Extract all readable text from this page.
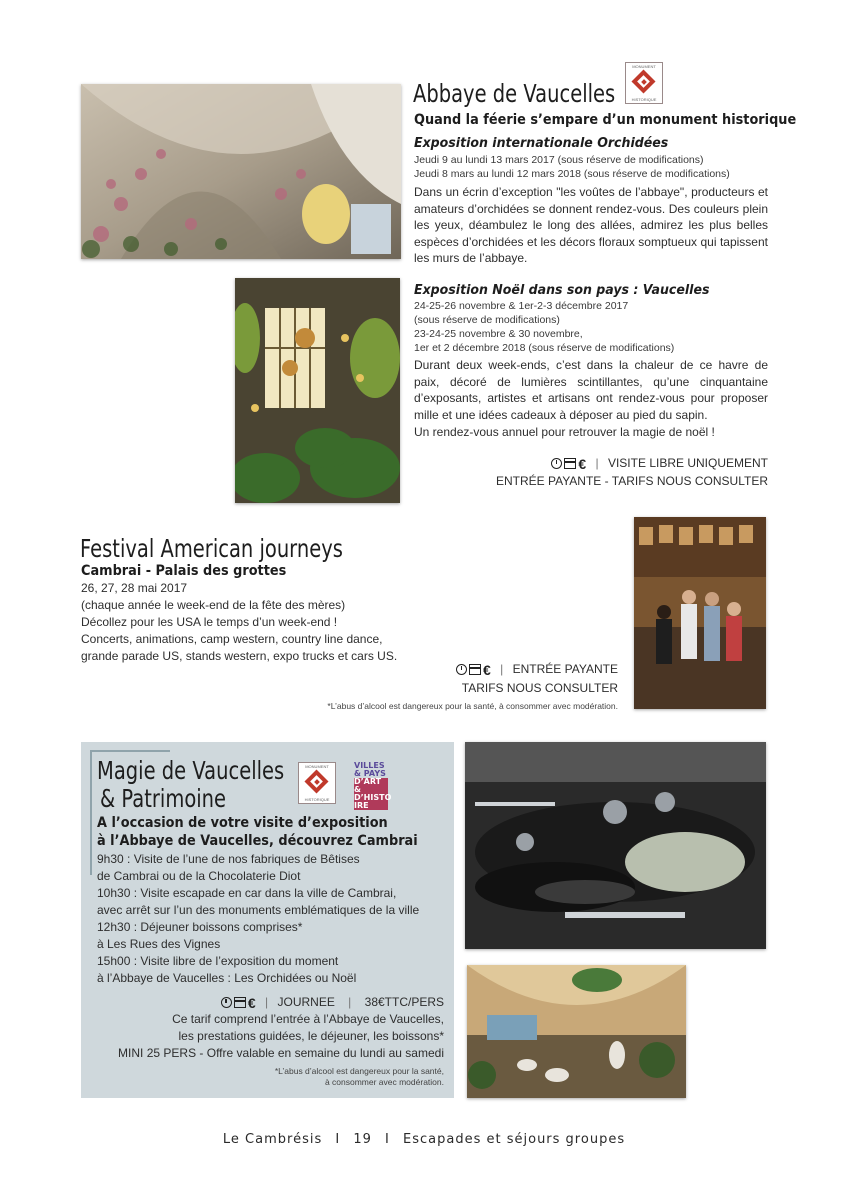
Abbaye de Vaucelles
MONUMENT
HISTORIQUE
Quand la féerie s’empare d’un monument historique
Exposition internationale Orchidées
Jeudi 9 au lundi 13 mars 2017 (sous réserve de modifications)
Jeudi 8 mars au lundi 12 mars 2018 (sous réserve de modifications)
Dans un écrin d’exception "les voûtes de l’abbaye", producteurs et amateurs d’orchidées se donnent rendez-vous. Des couleurs plein les yeux, déambulez le long des allées, admirez les plus belles espèces d’orchidées et les décors floraux somptueux qui tapissent les murs de l’abbaye.
Exposition Noël dans son pays : Vaucelles
24-25-26 novembre & 1er-2-3 décembre 2017
(sous réserve de modifications)
23-24-25 novembre & 30 novembre,
1er et 2 décembre 2018 (sous réserve de modifications)
Durant deux week-ends, c’est dans la chaleur de ce havre de paix, décoré de lumières scintillantes, qu’une cinquantaine d’exposants, artistes et artisans ont rendez-vous pour proposer mille et une idées cadeaux à déposer au pied du sapin.
Un rendez-vous annuel pour retrouver la magie de noël !
€ | VISITE LIBRE UNIQUEMENT
ENTRÉE PAYANTE - TARIFS NOUS CONSULTER
Festival American journeys
Cambrai - Palais des grottes
26, 27, 28 mai 2017
(chaque année le week-end de la fête des mères)
Décollez pour les USA le temps d’un week-end !
Concerts, animations, camp western, country line dance,
grande parade US, stands western, expo trucks et cars US.
€ | ENTRÉE PAYANTE
TARIFS NOUS CONSULTER
*L’abus d’alcool est dangereux pour la santé, à consommer avec modération.
Magie de Vaucelles
& Patrimoine
MONUMENT
HISTORIQUE
VILLES
& PAYS
D’ART &
D’HISTO
IRE
A l’occasion de votre visite d’exposition
à l’Abbaye de Vaucelles, découvrez Cambrai
9h30 : Visite de l’une de nos fabriques de Bêtises
de Cambrai ou de la Chocolaterie Diot
10h30 : Visite escapade en car dans la ville de Cambrai,
avec arrêt sur l’un des monuments emblématiques de la ville
12h30 : Déjeuner boissons comprises*
à Les Rues des Vignes
15h00 : Visite libre de l’exposition du moment
à l’Abbaye de Vaucelles : Les Orchidées ou Noël
€ | JOURNEE | 38€TTC/PERS
Ce tarif comprend l’entrée à l’Abbaye de Vaucelles,
les prestations guidées, le déjeuner, les boissons*
MINI 25 PERS - Offre valable en semaine du lundi au samedi
*L’abus d’alcool est dangereux pour la santé,
à consommer avec modération.
Le Cambrésis I 19 I Escapades et séjours groupes
